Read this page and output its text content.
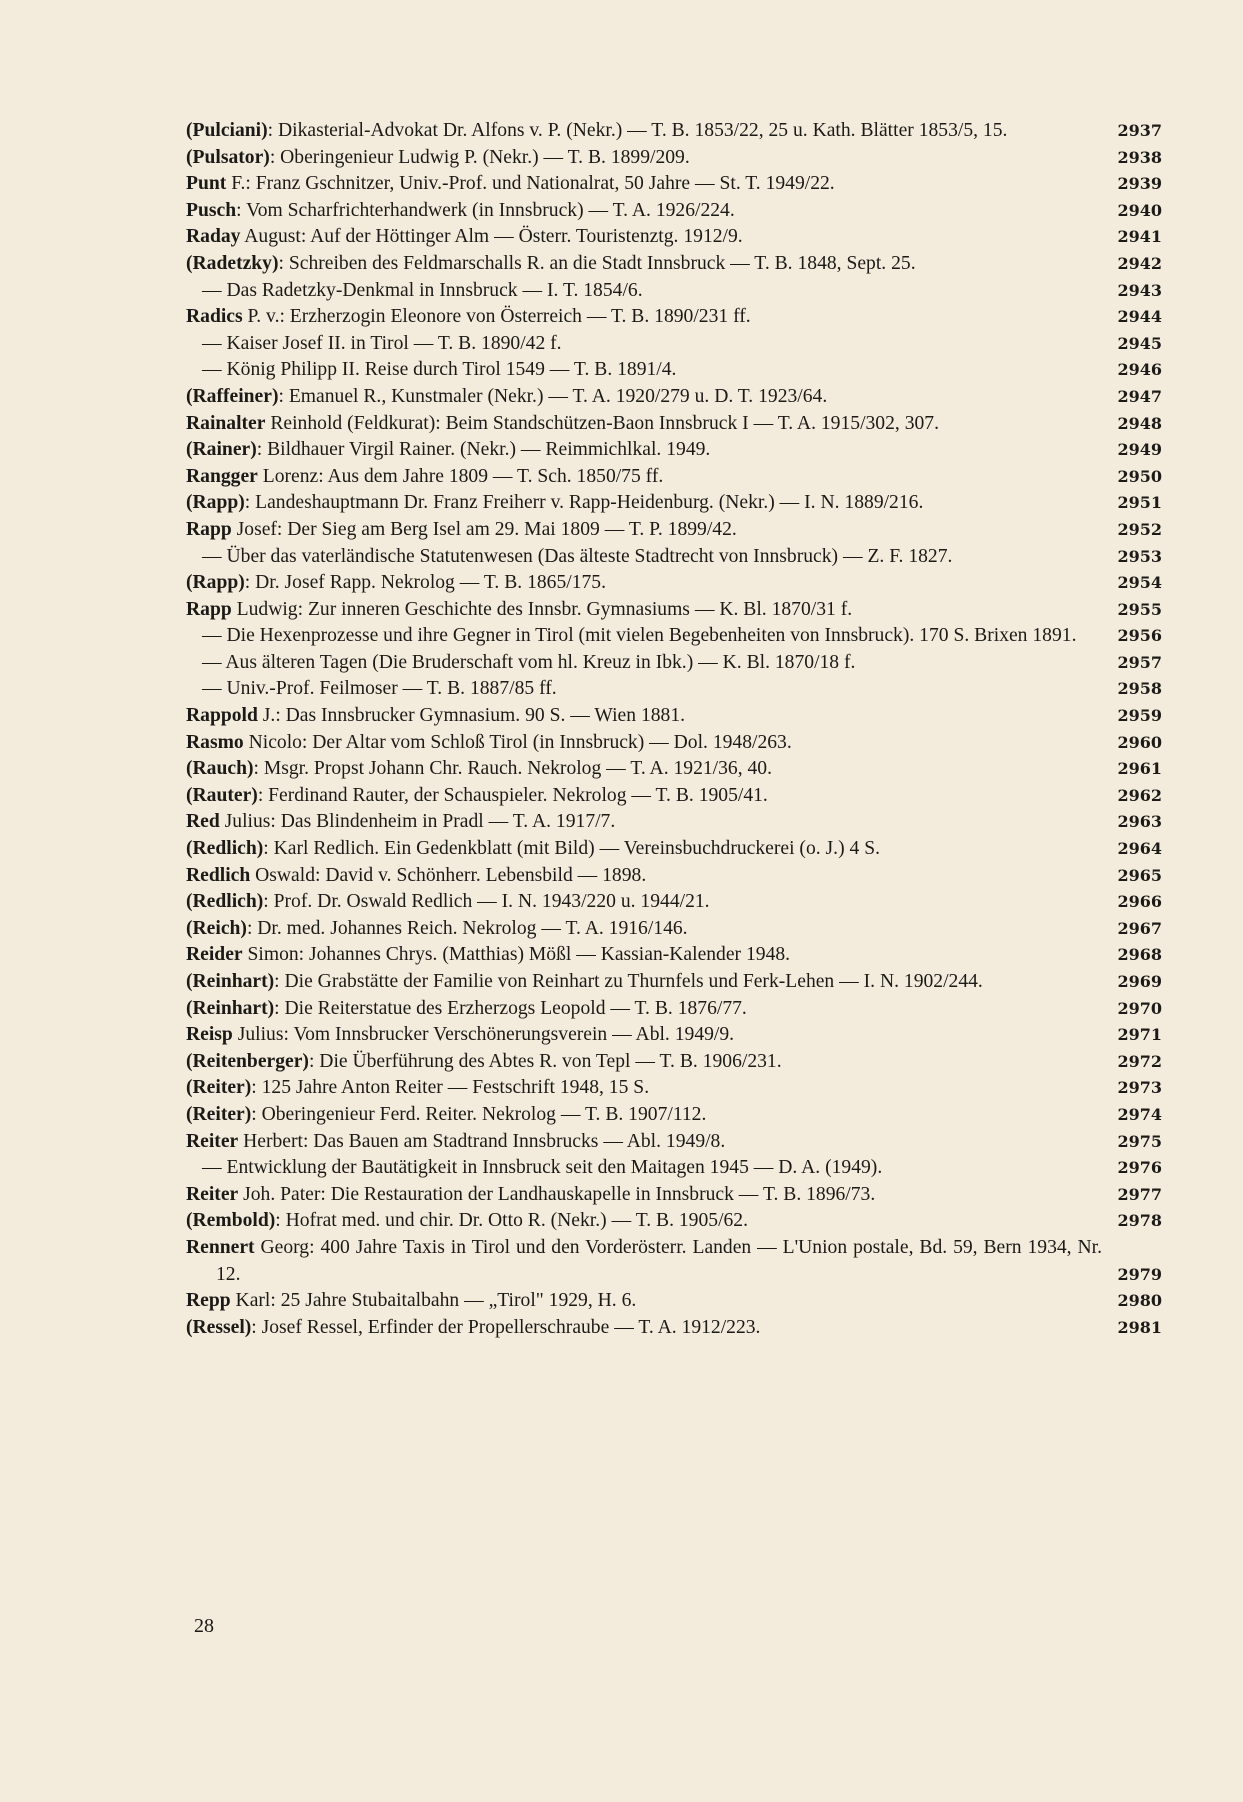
(Pulciani): Dikasterial-Advokat Dr. Alfons v. P. (Nekr.) — T. B. 1853/22, 25 u. Kath. Blätter 1853/5, 15.	2937
(Pulsator): Oberingenieur Ludwig P. (Nekr.) — T. B. 1899/209.	2938
Punt F.: Franz Gschnitzer, Univ.-Prof. und Nationalrat, 50 Jahre — St. T. 1949/22.	2939
Pusch: Vom Scharfrichterhandwerk (in Innsbruck) — T. A. 1926/224.	2940
Raday August: Auf der Höttinger Alm — Österr. Touristenztg. 1912/9.	2941
(Radetzky): Schreiben des Feldmarschalls R. an die Stadt Innsbruck — T. B. 1848, Sept. 25.	2942
— Das Radetzky-Denkmal in Innsbruck — I. T. 1854/6.	2943
Radics P. v.: Erzherzogin Eleonore von Österreich — T. B. 1890/231 ff.	2944
— Kaiser Josef II. in Tirol — T. B. 1890/42 f.	2945
— König Philipp II. Reise durch Tirol 1549 — T. B. 1891/4.	2946
(Raffeiner): Emanuel R., Kunstmaler (Nekr.) — T. A. 1920/279 u. D. T. 1923/64.	2947
Rainalter Reinhold (Feldkurat): Beim Standschützen-Baon Innsbruck I — T. A. 1915/302, 307.	2948
(Rainer): Bildhauer Virgil Rainer. (Nekr.) — Reimmichlkal. 1949.	2949
Rangger Lorenz: Aus dem Jahre 1809 — T. Sch. 1850/75 ff.	2950
(Rapp): Landeshauptmann Dr. Franz Freiherr v. Rapp-Heidenburg. (Nekr.) — I. N. 1889/216.	2951
Rapp Josef: Der Sieg am Berg Isel am 29. Mai 1809 — T. P. 1899/42.	2952
— Über das vaterländische Statutenwesen (Das älteste Stadtrecht von Innsbruck) — Z. F. 1827.	2953
(Rapp): Dr. Josef Rapp. Nekrolog — T. B. 1865/175.	2954
Rapp Ludwig: Zur inneren Geschichte des Innsbr. Gymnasiums — K. Bl. 1870/31 f.	2955
— Die Hexenprozesse und ihre Gegner in Tirol (mit vielen Begebenheiten von Innsbruck). 170 S. Brixen 1891.	2956
— Aus älteren Tagen (Die Bruderschaft vom hl. Kreuz in Ibk.) — K. Bl. 1870/18 f.	2957
— Univ.-Prof. Feilmoser — T. B. 1887/85 ff.	2958
Rappold J.: Das Innsbrucker Gymnasium. 90 S. — Wien 1881.	2959
Rasmo Nicolo: Der Altar vom Schloß Tirol (in Innsbruck) — Dol. 1948/263.	2960
(Rauch): Msgr. Propst Johann Chr. Rauch. Nekrolog — T. A. 1921/36, 40.	2961
(Rauter): Ferdinand Rauter, der Schauspieler. Nekrolog — T. B. 1905/41.	2962
Red Julius: Das Blindenheim in Pradl — T. A. 1917/7.	2963
(Redlich): Karl Redlich. Ein Gedenkblatt (mit Bild) — Vereinsbuchdruckerei (o. J.) 4 S.	2964
Redlich Oswald: David v. Schönherr. Lebensbild — 1898.	2965
(Redlich): Prof. Dr. Oswald Redlich — I. N. 1943/220 u. 1944/21.	2966
(Reich): Dr. med. Johannes Reich. Nekrolog — T. A. 1916/146.	2967
Reider Simon: Johannes Chrys. (Matthias) Mößl — Kassian-Kalender 1948.	2968
(Reinhart): Die Grabstätte der Familie von Reinhart zu Thurnfels und Ferk-Lehen — I. N. 1902/244.	2969
(Reinhart): Die Reiterstatue des Erzherzogs Leopold — T. B. 1876/77.	2970
Reisp Julius: Vom Innsbrucker Verschönerungsverein — Abl. 1949/9.	2971
(Reitenberger): Die Überführung des Abtes R. von Tepl — T. B. 1906/231.	2972
(Reiter): 125 Jahre Anton Reiter — Festschrift 1948, 15 S.	2973
(Reiter): Oberingenieur Ferd. Reiter. Nekrolog — T. B. 1907/112.	2974
Reiter Herbert: Das Bauen am Stadtrand Innsbrucks — Abl. 1949/8.	2975
— Entwicklung der Bautätigkeit in Innsbruck seit den Maitagen 1945 — D. A. (1949).	2976
Reiter Joh. Pater: Die Restauration der Landhauskapelle in Innsbruck — T. B. 1896/73.	2977
(Rembold): Hofrat med. und chir. Dr. Otto R. (Nekr.) — T. B. 1905/62.	2978
Rennert Georg: 400 Jahre Taxis in Tirol und den Vorderösterr. Landen — L'Union postale, Bd. 59, Bern 1934, Nr. 12.	2979
Repp Karl: 25 Jahre Stubaitalbahn — „Tirol" 1929, H. 6.	2980
(Ressel): Josef Ressel, Erfinder der Propellerschraube — T. A. 1912/223.	2981
28
